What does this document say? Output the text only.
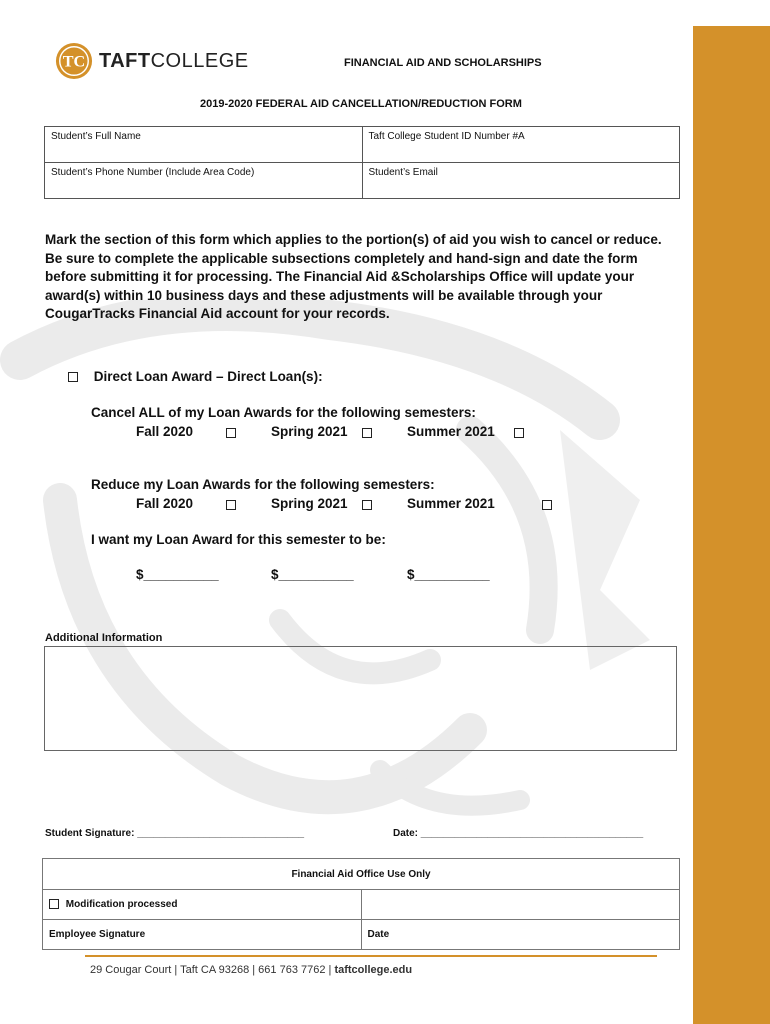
TC TAFTCOLLEGE	FINANCIAL AID AND SCHOLARSHIPS
2019-2020 FEDERAL AID CANCELLATION/REDUCTION FORM
Student’s Full Name	Taft College Student ID Number #A
Student’s Phone Number (Include Area Code)	Student’s Email
Mark the section of this form which applies to the portion(s) of aid you wish to cancel or reduce. Be sure to complete the applicable subsections completely and hand-sign and date the form before submitting it for processing. The Financial Aid &Scholarships Office will update your award(s) within 10 business days and these adjustments will be available through your CougarTracks Financial Aid account for your records.
Direct Loan Award – Direct Loan(s):
Cancel ALL of my Loan Awards for the following semesters:
Fall 2020	Spring 2021	Summer 2021
Reduce my Loan Awards for the following semesters:
Fall 2020	Spring 2021	Summer 2021
I want my Loan Award for this semester to be:
$__________	$__________	$__________
Additional Information
Student Signature: ______________________________	Date: ________________________________________
Financial Aid Office Use Only	
Modification processed	
Employee Signature	Date
29 Cougar Court | Taft CA 93268 | 661 763 7762 | taftcollege.edu
